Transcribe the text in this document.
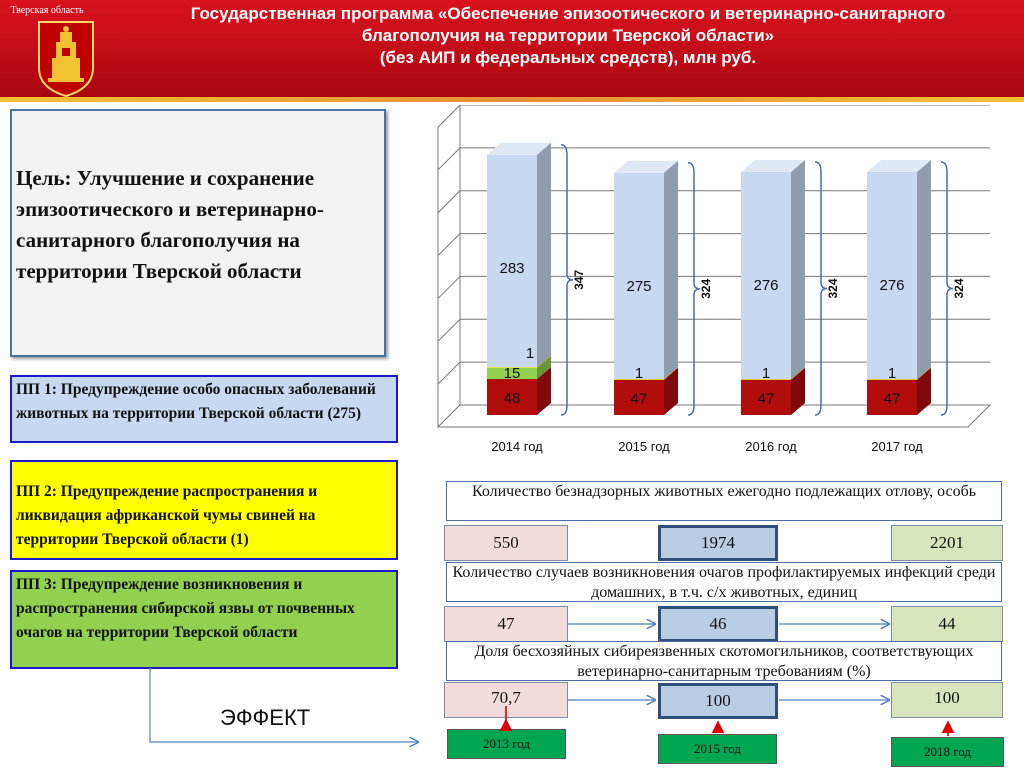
Тверская область	Государственная программа «Обеспечение эпизоотического и ветеринарно-санитарного
благополучия на территории Тверской области»
(без АИП и федеральных средств), млн руб.
Цель: Улучшение и сохранение эпизоотического и ветеринарно-санитарного благополучия на территории Тверской области
ПП 1: Предупреждение особо опасных заболеваний животных на территории Тверской области (275)
ПП 2: Предупреждение распространения и ликвидация африканской чумы свиней на территории Тверской области (1)
ПП 3: Предупреждение возникновения и распространения сибирской язвы от почвенных очагов на территории Тверской области
ЭФФЕКТ
48
15
1
283
347
2014 год
47
1
275	324
2015 год
47
1
276	324
2016 год
47
1
276	324
2017 год
Количество безнадзорных животных ежегодно подлежащих отлову, особь
550	1974	2201
Количество случаев возникновения очагов профилактируемых инфекций среди домашних, в т.ч. с/х животных, единиц
47	46	44
Доля бесхозяйных сибиреязвенных скотомогильников, соответствующих ветеринарно-санитарным требованиям (%)
70,7	100	100
2013 год	2015 год	2018 год
